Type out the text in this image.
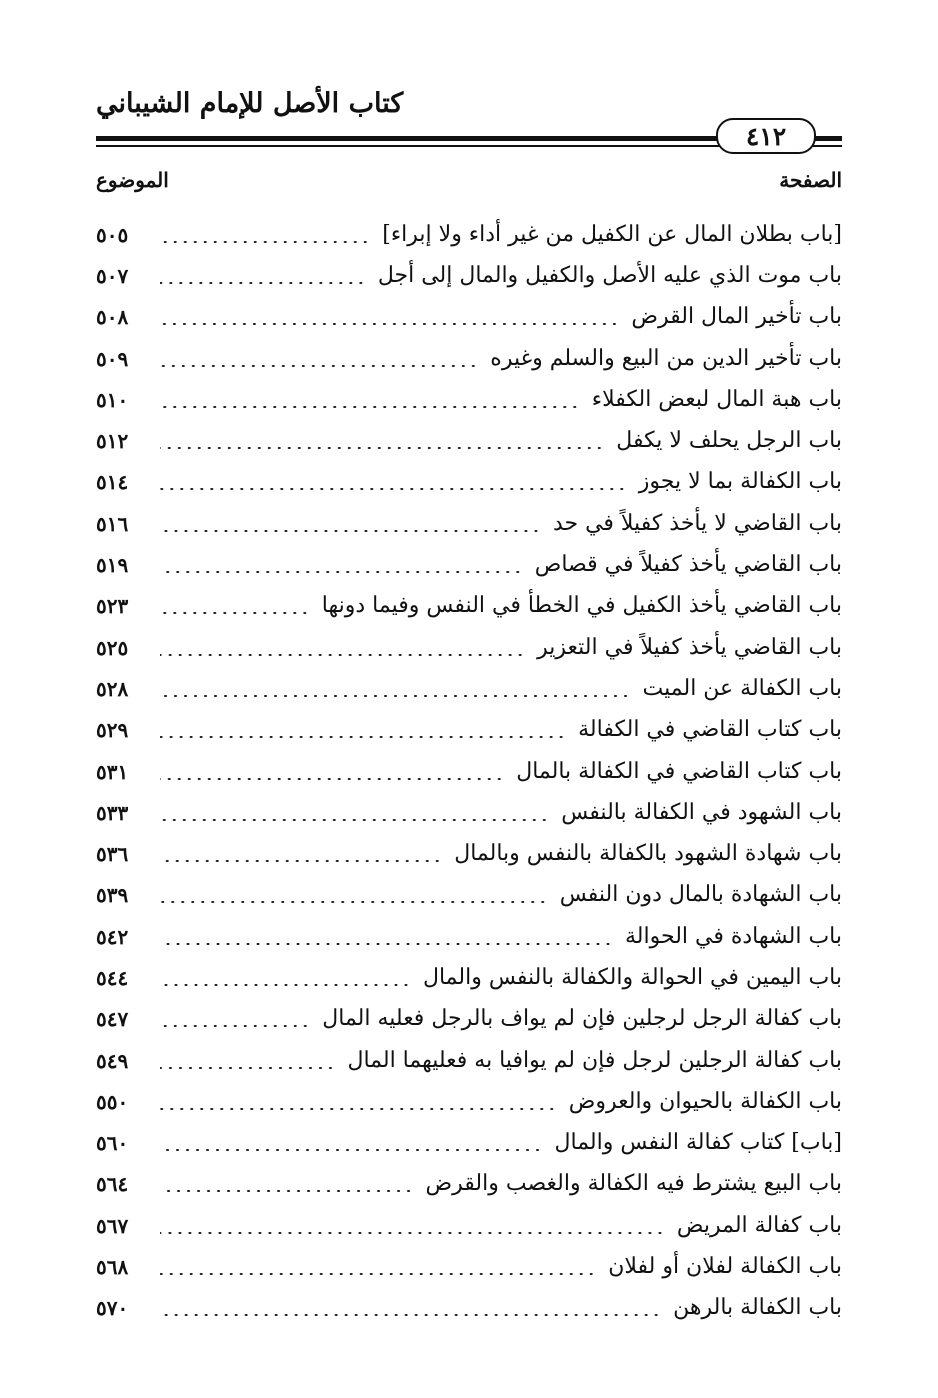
كتاب الأصل للإمام الشيباني
٤١٢
الموضوع	الصفحة
[باب بطلان المال عن الكفيل من غير أداء ولا إبراء]
٥٠٥
باب موت الذي عليه الأصل والكفيل والمال إلى أجل
٥٠٧
باب تأخير المال القرض
٥٠٨
باب تأخير الدين من البيع والسلم وغيره
٥٠٩
باب هبة المال لبعض الكفلاء
٥١٠
باب الرجل يحلف لا يكفل
٥١٢
باب الكفالة بما لا يجوز
٥١٤
باب القاضي لا يأخذ كفيلاً في حد
٥١٦
باب القاضي يأخذ كفيلاً في قصاص
٥١٩
باب القاضي يأخذ الكفيل في الخطأ في النفس وفيما دونها
٥٢٣
باب القاضي يأخذ كفيلاً في التعزير
٥٢٥
باب الكفالة عن الميت
٥٢٨
باب كتاب القاضي في الكفالة
٥٢٩
باب كتاب القاضي في الكفالة بالمال
٥٣١
باب الشهود في الكفالة بالنفس
٥٣٣
باب شهادة الشهود بالكفالة بالنفس وبالمال
٥٣٦
باب الشهادة بالمال دون النفس
٥٣٩
باب الشهادة في الحوالة
٥٤٢
باب اليمين في الحوالة والكفالة بالنفس والمال
٥٤٤
باب كفالة الرجل لرجلين فإن لم يواف بالرجل فعليه المال
٥٤٧
باب كفالة الرجلين لرجل فإن لم يوافيا به فعليهما المال
٥٤٩
باب الكفالة بالحيوان والعروض
٥٥٠
[باب] كتاب كفالة النفس والمال
٥٦٠
باب البيع يشترط فيه الكفالة والغصب والقرض
٥٦٤
باب كفالة المريض
٥٦٧
باب الكفالة لفلان أو لفلان
٥٦٨
باب الكفالة بالرهن
٥٧٠
